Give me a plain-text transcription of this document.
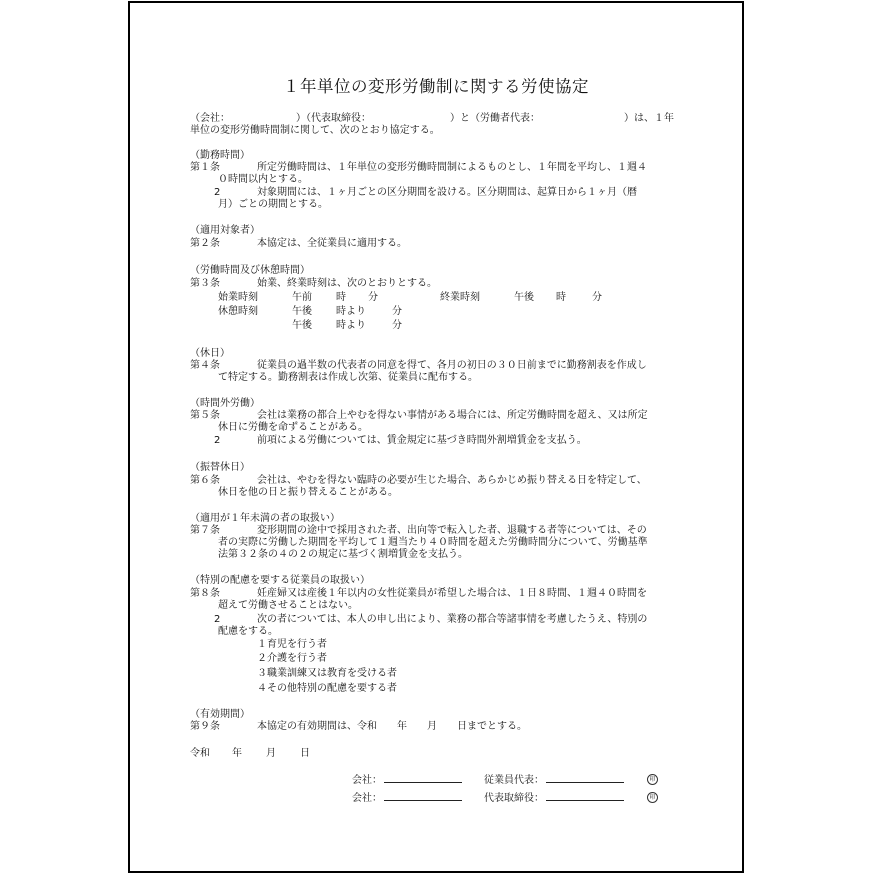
１年単位の変形労働制に関する労使協定
（会社：	）（代表取締役：	）と（労働者代表：	）は、１年
単位の変形労働時間制に関して、次のとおり協定する。
（勤務時間）
第１条	所定労働時間は、１年単位の変形労働時間制によるものとし、１年間を平均し、１週４
０時間以内とする。
2	対象期間には、１ヶ月ごとの区分期間を設ける。区分期間は、起算日から１ヶ月（暦
月）ごとの期間とする。
（適用対象者）
第２条	本協定は、全従業員に適用する。
（労働時間及び休憩時間）
第３条	始業、終業時刻は、次のとおりとする。
始業時刻	午前 時 分	終業時刻	午後 時	分
休憩時刻	午後 時より	分
午後 時より	分
（休日）
第４条	従業員の過半数の代表者の同意を得て、各月の初日の３０日前までに勤務割表を作成し
て特定する。勤務割表は作成し次第、従業員に配布する。
（時間外労働）
第５条	会社は業務の都合上やむを得ない事情がある場合には、所定労働時間を超え、又は所定
休日に労働を命ずることがある。
2	前項による労働については、賃金規定に基づき時間外割増賃金を支払う。
（振替休日）
第６条	会社は、やむを得ない臨時の必要が生じた場合、あらかじめ振り替える日を特定して、
休日を他の日と振り替えることがある。
（適用が１年未満の者の取扱い）
第７条	変形期間の途中で採用された者、出向等で転入した者、退職する者等については、その
者の実際に労働した期間を平均して１週当たり４０時間を超えた労働時間分について、労働基準
法第３２条の４の２の規定に基づく割増賃金を支払う。
（特別の配慮を要する従業員の取扱い）
第８条	妊産婦又は産後１年以内の女性従業員が希望した場合は、１日８時間、１週４０時間を
超えて労働させることはない。
2	次の者については、本人の申し出により、業務の都合等諸事情を考慮したうえ、特別の
配慮をする。
１育児を行う者
２介護を行う者
３職業訓練又は教育を受ける者
４その他特別の配慮を要する者
（有効期間）
第９条	本協定の有効期間は、令和　　年　　月　　日までとする。
令和 年 月 日
会社：	従業員代表：	印
会社：	代表取締役：	印
